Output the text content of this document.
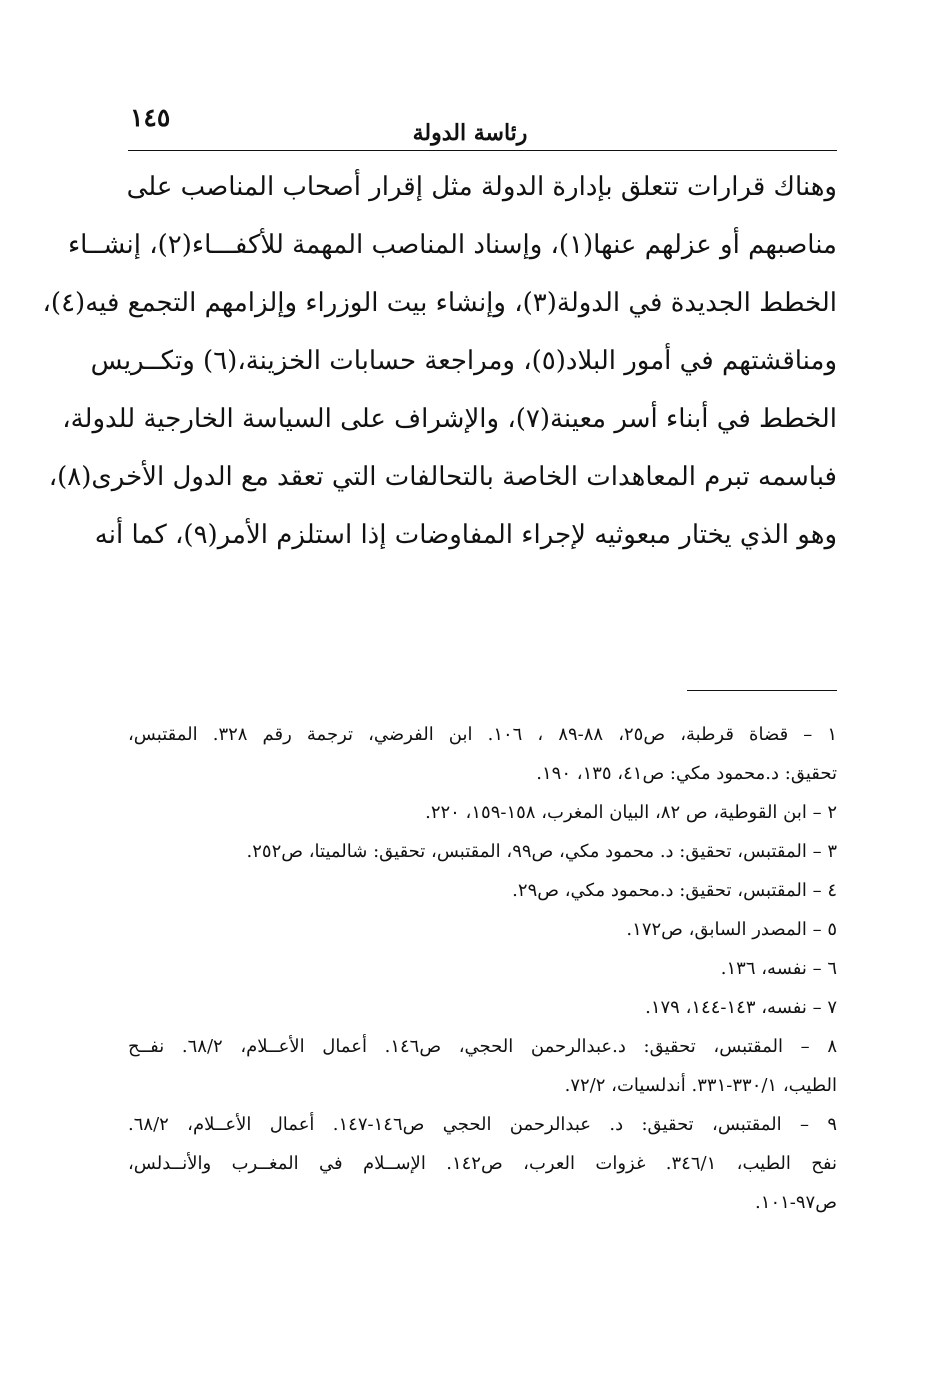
١٤٥
رئاسة الدولة
وهناك قرارات تتعلق بإدارة الدولة مثل إقرار أصحاب المناصب على
مناصبهم أو عزلهم عنها(١)، وإسناد المناصب المهمة للأكفـــاء(٢)، إنشــاء
الخطط الجديدة في الدولة(٣)، وإنشاء بيت الوزراء وإلزامهم التجمع فيه(٤)،
ومناقشتهم في أمور البلاد(٥)، ومراجعة حسابات الخزينة،(٦) وتكــريس
الخطط في أبناء أسر معينة(٧)، والإشراف على السياسة الخارجية للدولة،
فباسمه تبرم المعاهدات الخاصة بالتحالفات التي تعقد مع الدول الأخرى(٨)،
وهو الذي يختار مبعوثيه لإجراء المفاوضات إذا استلزم الأمر(٩)، كما أنه
١ – قضاة قرطبة، ص٢٥، ٨٨-٨٩ ، ١٠٦. ابن الفرضي، ترجمة رقم ٣٢٨. المقتبس،
تحقيق: د.محمود مكي: ص٤١، ١٣٥، ١٩٠.
٢ – ابن القوطية، ص ٨٢، البيان المغرب، ١٥٨-١٥٩، ٢٢٠.
٣ – المقتبس، تحقيق: د. محمود مكي، ص٩٩، المقتبس، تحقيق: شالميتا، ص٢٥٢.
٤ – المقتبس، تحقيق: د.محمود مكي، ص٢٩.
٥ – المصدر السابق، ص١٧٢.
٦ – نفسه، ١٣٦.
٧ – نفسه، ١٤٣-١٤٤، ١٧٩.
٨ – المقتبس، تحقيق: د.عبدالرحمن الحجي، ص١٤٦. أعمال الأعــلام، ٦٨/٢. نفــح
الطيب، ٣٣٠/١-٣٣١. أندلسيات، ٧٢/٢.
٩ – المقتبس، تحقيق: د. عبدالرحمن الحجي ص١٤٦-١٤٧. أعمال الأعــلام، ٦٨/٢.
نفح الطيب، ٣٤٦/١. غزوات العرب، ص١٤٢. الإســلام في المغــرب والأنــدلس،
ص٩٧-١٠١.
